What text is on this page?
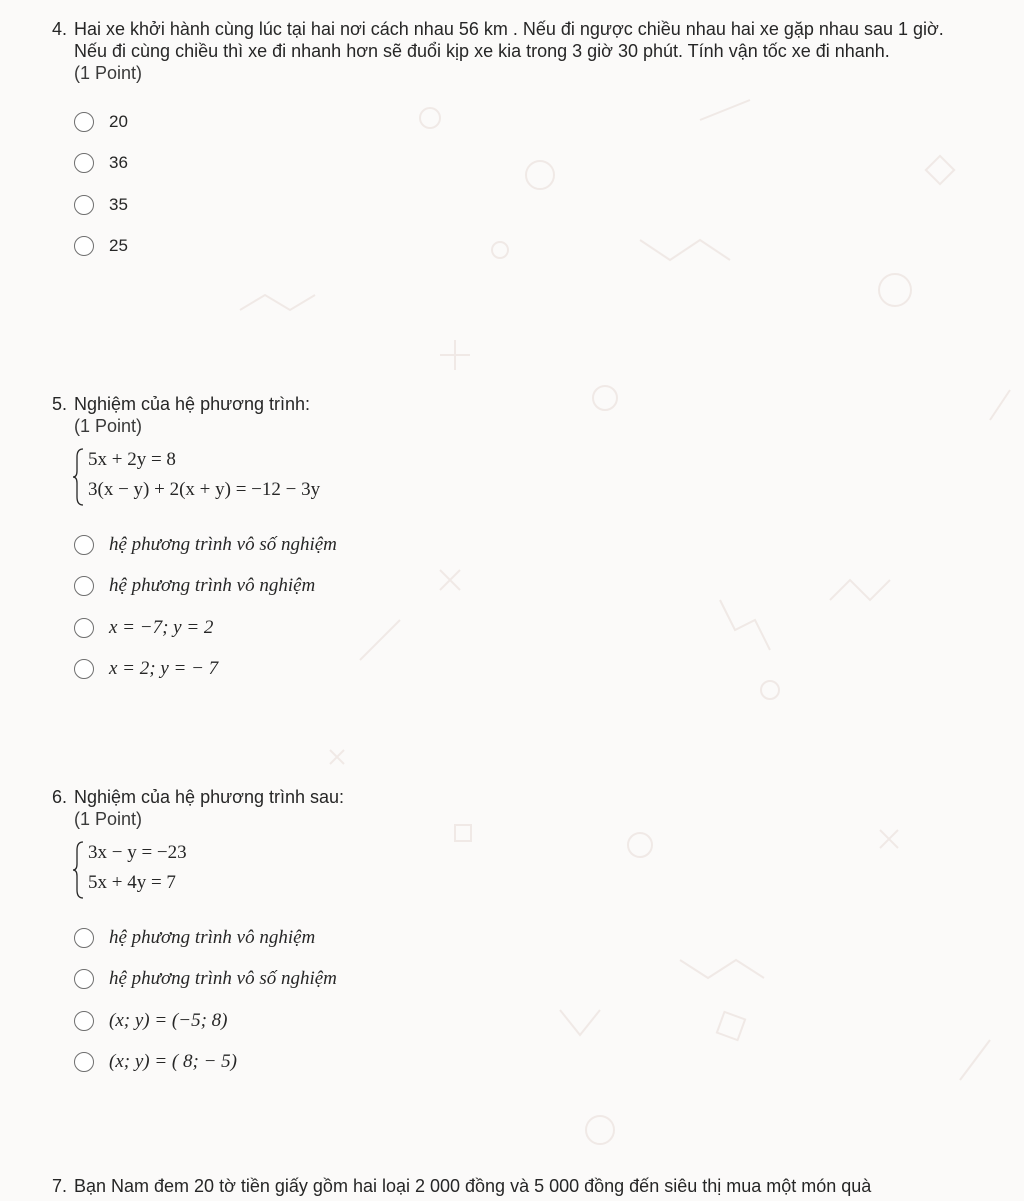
4. Hai xe khởi hành cùng lúc tại hai nơi cách nhau 56 km . Nếu đi ngược chiều nhau hai xe gặp nhau sau 1 giờ. Nếu đi cùng chiều thì xe đi nhanh hơn sẽ đuổi kịp xe kia trong 3 giờ 30 phút. Tính vận tốc xe đi nhanh.
(1 Point)
20
36
35
25
5. Nghiệm của hệ phương trình:
(1 Point)
5x + 2y = 8
3(x − y) + 2(x + y) = −12 − 3y
hệ phương trình vô số nghiệm
hệ phương trình vô nghiệm
x = −7; y = 2
x = 2; y = − 7
6. Nghiệm của hệ phương trình sau:
(1 Point)
3x − y = −23
5x + 4y = 7
hệ phương trình vô nghiệm
hệ phương trình vô số nghiệm
(x; y) = (−5; 8)
(x; y) = ( 8; − 5)
7. Bạn Nam đem 20 tờ tiền giấy gồm hai loại 2 000 đồng và 5 000 đồng đến siêu thị mua một món quà
